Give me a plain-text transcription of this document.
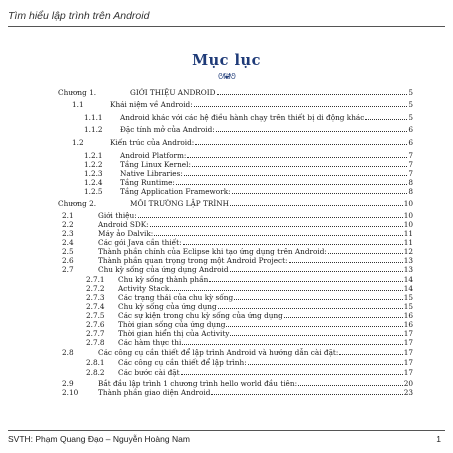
Tìm hiểu lập trình trên Android
Mục lục
ᘛ❦ᘚ
Chương 1.	GIỚI THIỆU ANDROID	5
1.1	Khái niệm về Android:	5
1.1.1	Android khác với các hệ điều hành chạy trên thiết bị di động khác	5
1.1.2	Đặc tính mở của Android:	6
1.2	Kiến trúc của Android:	6
1.2.1	Android Platform:	7
1.2.2	Tầng Linux Kernel:	7
1.2.3	Native Libraries:	7
1.2.4	Tầng Runtime:	8
1.2.5	Tầng Application Framework:	8
Chương 2.	MÔI TRƯỜNG LẬP TRÌNH	10
2.1	Giới thiệu:	10
2.2	Android SDK:	10
2.3	Máy ảo Dalvik:	11
2.4	Các gói Java cần thiết:	11
2.5	Thành phần chính của Eclipse khi tạo ứng dụng trên Android:	12
2.6	Thành phần quan trọng trong một Android Project:	13
2.7	Chu kỳ sống của ứng dụng Android	13
2.7.1	Chu kỳ sống thành phần	14
2.7.2	Activity Stack	14
2.7.3	Các trạng thái của chu kỳ sống	15
2.7.4	Chu kỳ sống của ứng dụng	15
2.7.5	Các sự kiện trong chu kỳ sống của ứng dụng	16
2.7.6	Thời gian sống của ứng dụng	16
2.7.7	Thời gian hiển thị của Activity	17
2.7.8	Các hàm thực thi	17
2.8	Các công cụ cần thiết để lập trình Android và hướng dẫn cài đặt:	17
2.8.1	Các công cụ cần thiết để lập trình:	17
2.8.2	Các bước cài đặt	17
2.9	Bắt đầu lập trình 1 chương trình hello world đầu tiên:	20
2.10	Thành phần giao diện Android	23
SVTH: Phạm Quang Đạo – Nguyễn Hoàng Nam	1
